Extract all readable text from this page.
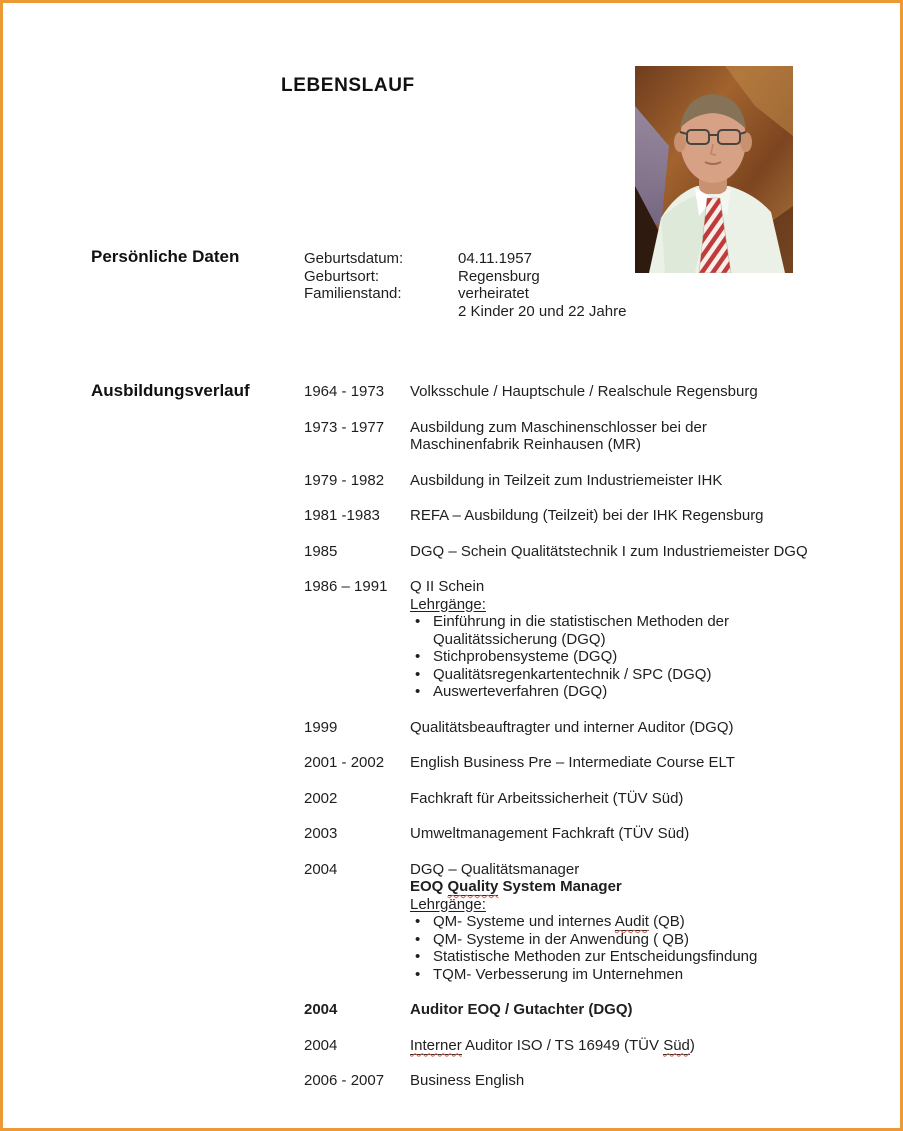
LEBENSLAUF
Persönliche Daten	Geburtsdatum:	04.11.1957
Geburtsort:	Regensburg
Familienstand:	verheiratet
2 Kinder 20 und 22 Jahre
Ausbildungsverlauf	1964 - 1973	Volksschule / Hauptschule / Realschule Regensburg
1973 - 1977	Ausbildung zum Maschinenschlosser bei der
Maschinenfabrik Reinhausen (MR)
1979 - 1982	Ausbildung in Teilzeit zum Industriemeister IHK
1981 -1983	REFA – Ausbildung (Teilzeit) bei der IHK Regensburg
1985	DGQ – Schein Qualitätstechnik I zum Industriemeister DGQ
1986 – 1991	Q II Schein
Lehrgänge:
• Einführung in die statistischen Methoden der
Qualitätssicherung (DGQ)
• Stichprobensysteme (DGQ)
• Qualitätsregenkartentechnik / SPC (DGQ)
• Auswerteverfahren (DGQ)
1999	Qualitätsbeauftragter und interner Auditor (DGQ)
2001 - 2002	English Business Pre – Intermediate Course ELT
2002	Fachkraft für Arbeitssicherheit (TÜV Süd)
2003	Umweltmanagement Fachkraft (TÜV Süd)
2004	DGQ – Qualitätsmanager
EOQ Quality System Manager
Lehrgänge:
• QM- Systeme und internes Audit (QB)
• QM- Systeme in der Anwendung ( QB)
• Statistische Methoden zur Entscheidungsfindung
• TQM- Verbesserung im Unternehmen
2004	Auditor EOQ / Gutachter (DGQ)
2004	Interner Auditor ISO / TS 16949 (TÜV Süd)
2006 - 2007	Business English
